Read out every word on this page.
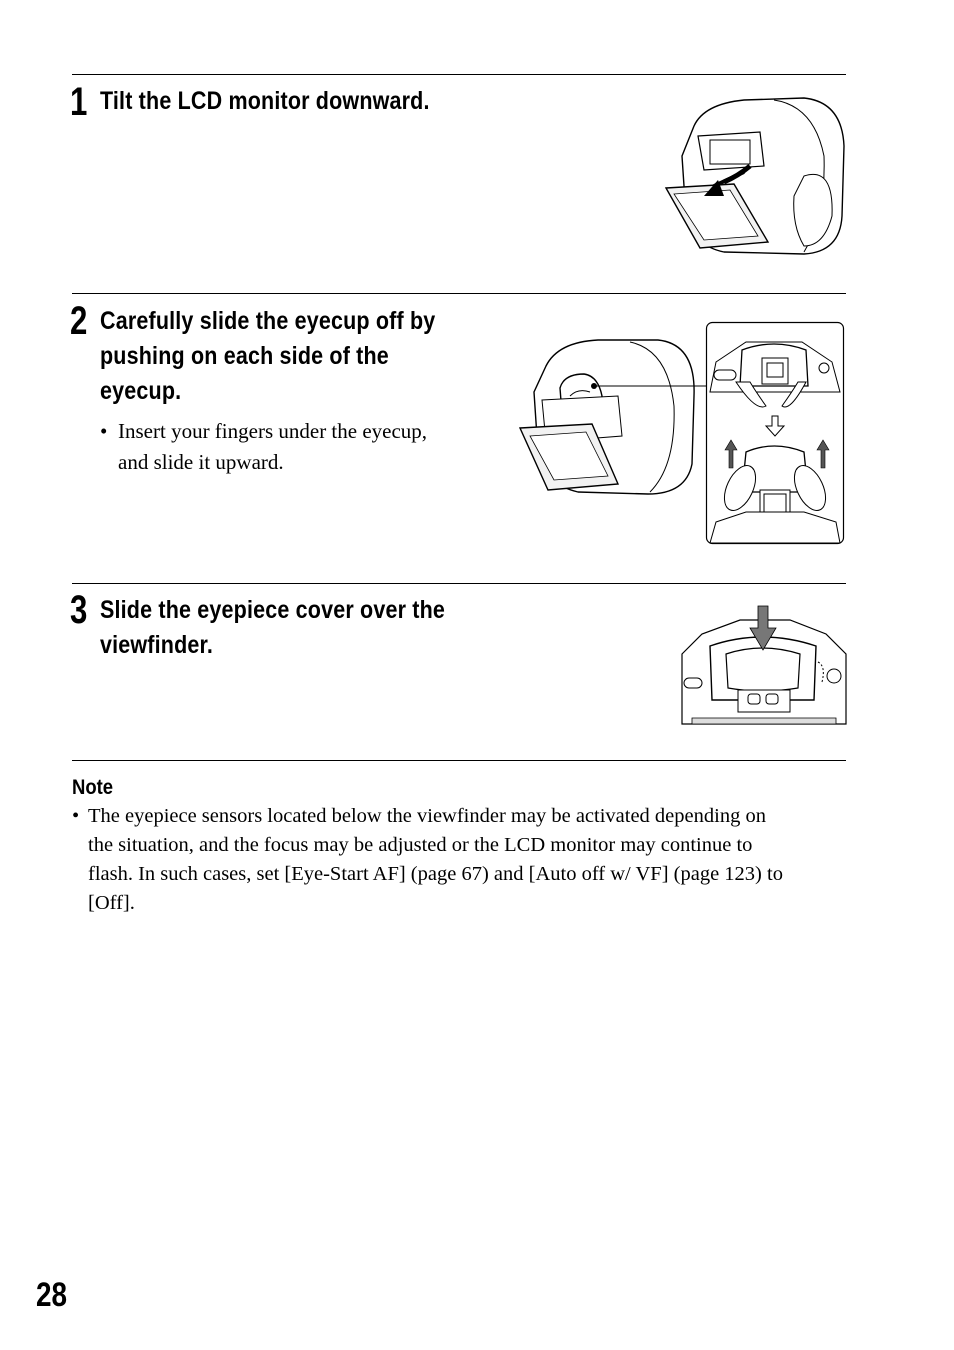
1 Tilt the LCD monitor downward.
2 Carefully slide the eyecup off by
pushing on each side of the
eyecup.
• Insert your fingers under the eyecup,
and slide it upward.
3 Slide the eyepiece cover over the
viewfinder.
Note
• The eyepiece sensors located below the viewfinder may be activated depending on
the situation, and the focus may be adjusted or the LCD monitor may continue to
flash. In such cases, set [Eye-Start AF] (page 67) and [Auto off w/ VF] (page 123) to
[Off].
28
